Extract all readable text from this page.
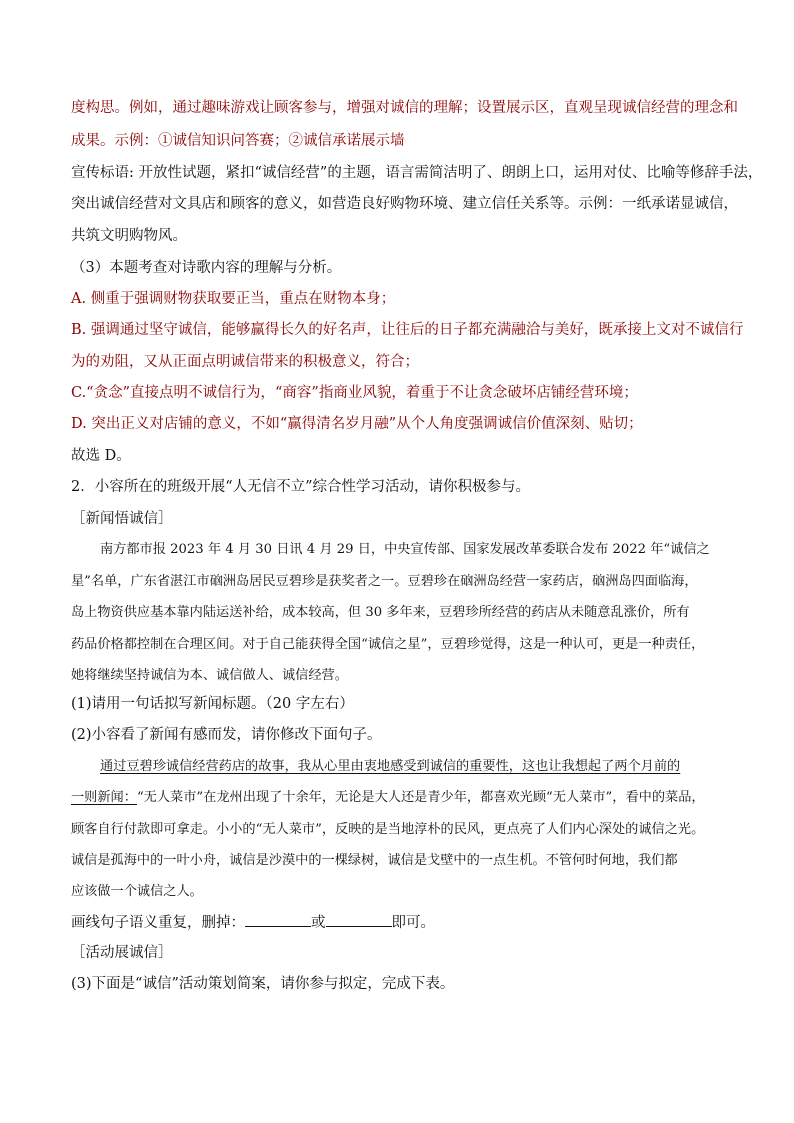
度构思。例如，通过趣味游戏让顾客参与，增强对诚信的理解；设置展示区，直观呈现诚信经营的理念和
成果。示例：①诚信知识问答赛；②诚信承诺展示墙
宣传标语: 开放性试题，紧扣“诚信经营”的主题，语言需简洁明了、朗朗上口，运用对仗、比喻等修辞手法，
突出诚信经营对文具店和顾客的意义，如营造良好购物环境、建立信任关系等。示例：一纸承诺显诚信，
共筑文明购物风。
（3）本题考查对诗歌内容的理解与分析。
A. 侧重于强调财物获取要正当，重点在财物本身；
B. 强调通过坚守诚信，能够赢得长久的好名声，让往后的日子都充满融洽与美好，既承接上文对不诚信行
为的劝阻，又从正面点明诚信带来的积极意义，符合；
C.“贪念”直接点明不诚信行为，“商容”指商业风貌，着重于不让贪念破坏店铺经营环境；
D. 突出正义对店铺的意义，不如“赢得清名岁月融”从个人角度强调诚信价值深刻、贴切；
故选 D。
2．小容所在的班级开展“人无信不立”综合性学习活动，请你积极参与。
［新闻悟诚信］
南方都市报 2023 年 4 月 30 日讯 4 月 29 日，中央宣传部、国家发展改革委联合发布 2022 年“诚信之
星”名单，广东省湛江市硇洲岛居民豆碧珍是获奖者之一。豆碧珍在硇洲岛经营一家药店，硇洲岛四面临海，
岛上物资供应基本靠内陆运送补给，成本较高，但 30 多年来，豆碧珍所经营的药店从未随意乱涨价，所有
药品价格都控制在合理区间。对于自己能获得全国“诚信之星”，豆碧珍觉得，这是一种认可，更是一种责任，
她将继续坚持诚信为本、诚信做人、诚信经营。
(1)请用一句话拟写新闻标题。（20 字左右）
(2)小容看了新闻有感而发，请你修改下面句子。
通过豆碧珍诚信经营药店的故事，我从心里由衷地感受到诚信的重要性，这也让我想起了两个月前的
一则新闻：“无人菜市”在龙州出现了十余年，无论是大人还是青少年，都喜欢光顾“无人菜市”，看中的菜品，
顾客自行付款即可拿走。小小的“无人菜市”，反映的是当地淳朴的民风，更点亮了人们内心深处的诚信之光。
诚信是孤海中的一叶小舟，诚信是沙漠中的一棵绿树，诚信是戈壁中的一点生机。不管何时何地，我们都
应该做一个诚信之人。
画线句子语义重复，删掉：	或	即可。
［活动展诚信］
(3)下面是“诚信”活动策划简案，请你参与拟定，完成下表。
